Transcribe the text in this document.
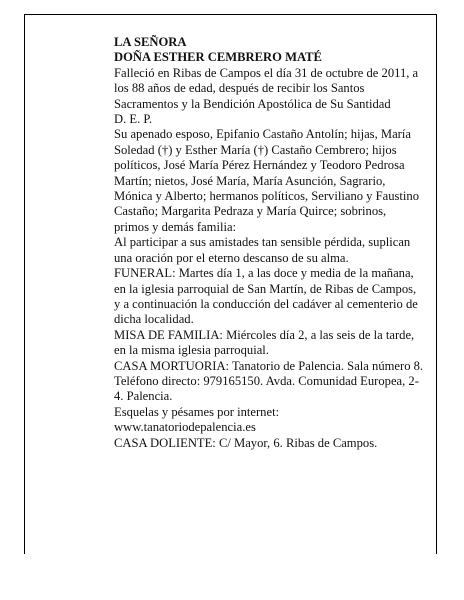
LA SEÑORA

DOÑA ESTHER CEMBRERO MATÉ

Falleció en Ribas de Campos el día 31 de octubre de 2011, a los 88 años de edad, después de recibir los Santos Sacramentos y la Bendición Apostólica de Su Santidad

D. E. P.

Su apenado esposo, Epifanio Castaño Antolín; hijas, María Soledad (†) y Esther María (†) Castaño Cembrero; hijos políticos, José María Pérez Hernández y Teodoro Pedrosa Martín; nietos, José María, María Asunción, Sagrario, Mónica y Alberto; hermanos políticos, Serviliano y Faustino Castaño; Margarita Pedraza y María Quirce; sobrinos, primos y demás familia:

Al participar a sus amistades tan sensible pérdida, suplican una oración por el eterno descanso de su alma.

FUNERAL: Martes día 1, a las doce y media de la mañana, en la iglesia parroquial de San Martín, de Ribas de Campos, y a continuación la conducción del cadáver al cementerio de dicha localidad.

MISA DE FAMILIA: Miércoles día 2, a las seis de la tarde, en la misma iglesia parroquial.

CASA MORTUORIA: Tanatorio de Palencia. Sala número 8. Teléfono directo: 979165150. Avda. Comunidad Europea, 2-4. Palencia.

Esquelas y pésames por internet:

www.tanatoriodepalencia.es

CASA DOLIENTE: C/ Mayor, 6. Ribas de Campos.
